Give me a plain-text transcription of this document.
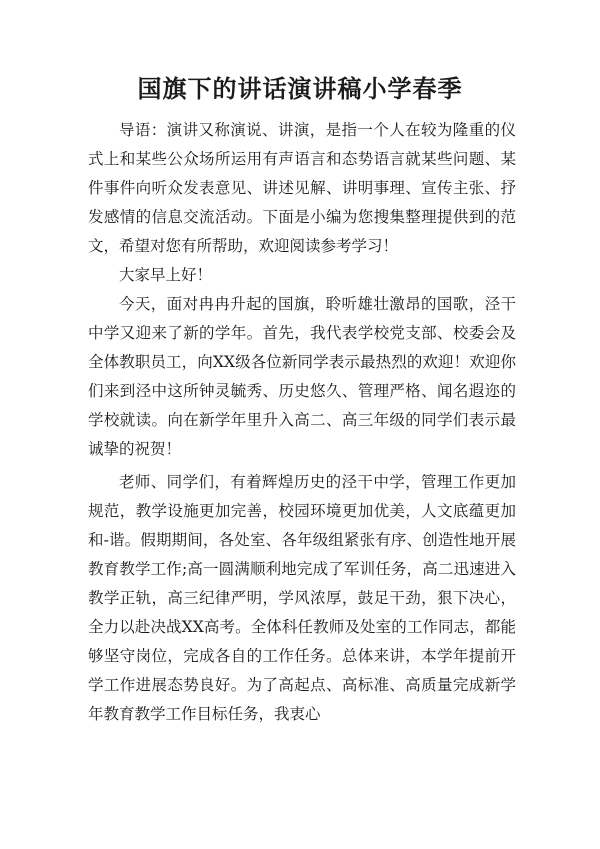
国旗下的讲话演讲稿小学春季

导语：演讲又称演说、讲演，是指一个人在较为隆重的仪式上和某些公众场所运用有声语言和态势语言就某些问题、某件事件向听众发表意见、讲述见解、讲明事理、宣传主张、抒发感情的信息交流活动。下面是小编为您搜集整理提供到的范文，希望对您有所帮助，欢迎阅读参考学习！

大家早上好！

今天，面对冉冉升起的国旗，聆听雄壮激昂的国歌，泾干中学又迎来了新的学年。首先，我代表学校党支部、校委会及全体教职员工，向XX级各位新同学表示最热烈的欢迎！欢迎你们来到泾中这所钟灵毓秀、历史悠久、管理严格、闻名遐迩的学校就读。向在新学年里升入高二、高三年级的同学们表示最诚挚的祝贺！

老师、同学们，有着辉煌历史的泾干中学，管理工作更加规范，教学设施更加完善，校园环境更加优美，人文底蕴更加和-谐。假期期间，各处室、各年级组紧张有序、创造性地开展教育教学工作;高一圆满顺利地完成了军训任务，高二迅速进入教学正轨，高三纪律严明，学风浓厚，鼓足干劲，狠下决心，全力以赴决战XX高考。全体科任教师及处室的工作同志，都能够坚守岗位，完成各自的工作任务。总体来讲，本学年提前开学工作进展态势良好。为了高起点、高标准、高质量完成新学年教育教学工作目标任务，我衷心
